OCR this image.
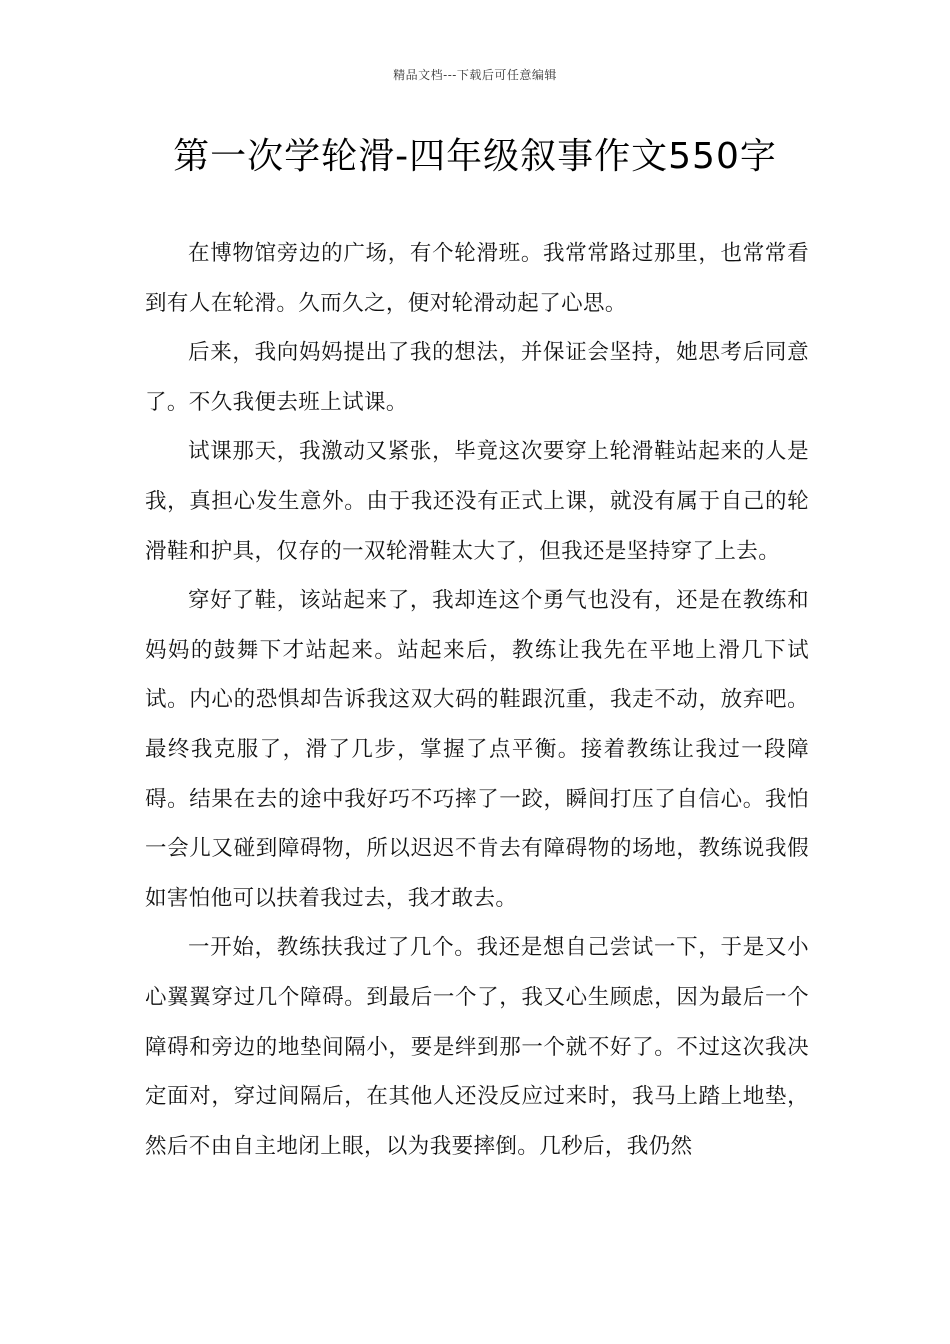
精品文档---下载后可任意编辑
第一次学轮滑-四年级叙事作文550字

在博物馆旁边的广场，有个轮滑班。我常常路过那里，也常常看到有人在轮滑。久而久之，便对轮滑动起了心思。

后来，我向妈妈提出了我的想法，并保证会坚持，她思考后同意了。不久我便去班上试课。

试课那天，我激动又紧张，毕竟这次要穿上轮滑鞋站起来的人是我，真担心发生意外。由于我还没有正式上课，就没有属于自己的轮滑鞋和护具，仅存的一双轮滑鞋太大了，但我还是坚持穿了上去。

穿好了鞋，该站起来了，我却连这个勇气也没有，还是在教练和妈妈的鼓舞下才站起来。站起来后，教练让我先在平地上滑几下试试。内心的恐惧却告诉我这双大码的鞋跟沉重，我走不动，放弃吧。最终我克服了，滑了几步，掌握了点平衡。接着教练让我过一段障碍。结果在去的途中我好巧不巧摔了一跤，瞬间打压了自信心。我怕一会儿又碰到障碍物，所以迟迟不肯去有障碍物的场地，教练说我假如害怕他可以扶着我过去，我才敢去。

一开始，教练扶我过了几个。我还是想自己尝试一下，于是又小心翼翼穿过几个障碍。到最后一个了，我又心生顾虑，因为最后一个障碍和旁边的地垫间隔小，要是绊到那一个就不好了。不过这次我决定面对，穿过间隔后，在其他人还没反应过来时，我马上踏上地垫，然后不由自主地闭上眼，以为我要摔倒。几秒后，我仍然
